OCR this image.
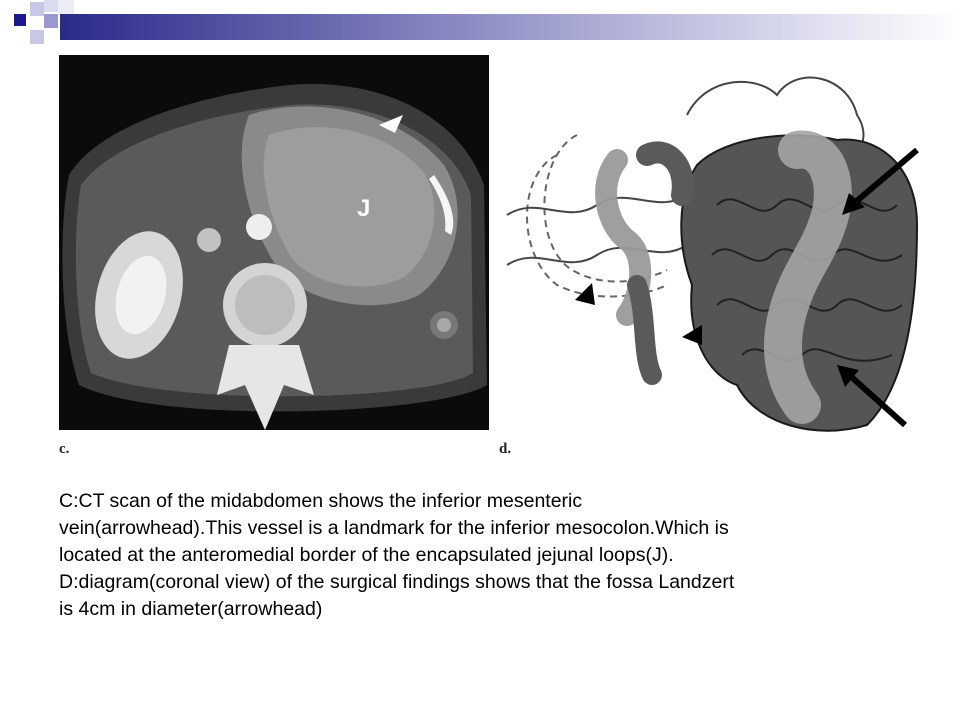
J
c.	d.
C:CT scan of the midabdomen shows the inferior mesenteric
vein(arrowhead).This vessel is a landmark for the inferior mesocolon.Which is
located at the anteromedial border of the encapsulated jejunal loops(J).
D:diagram(coronal view) of the surgical findings shows that the fossa Landzert
is 4cm in diameter(arrowhead)
